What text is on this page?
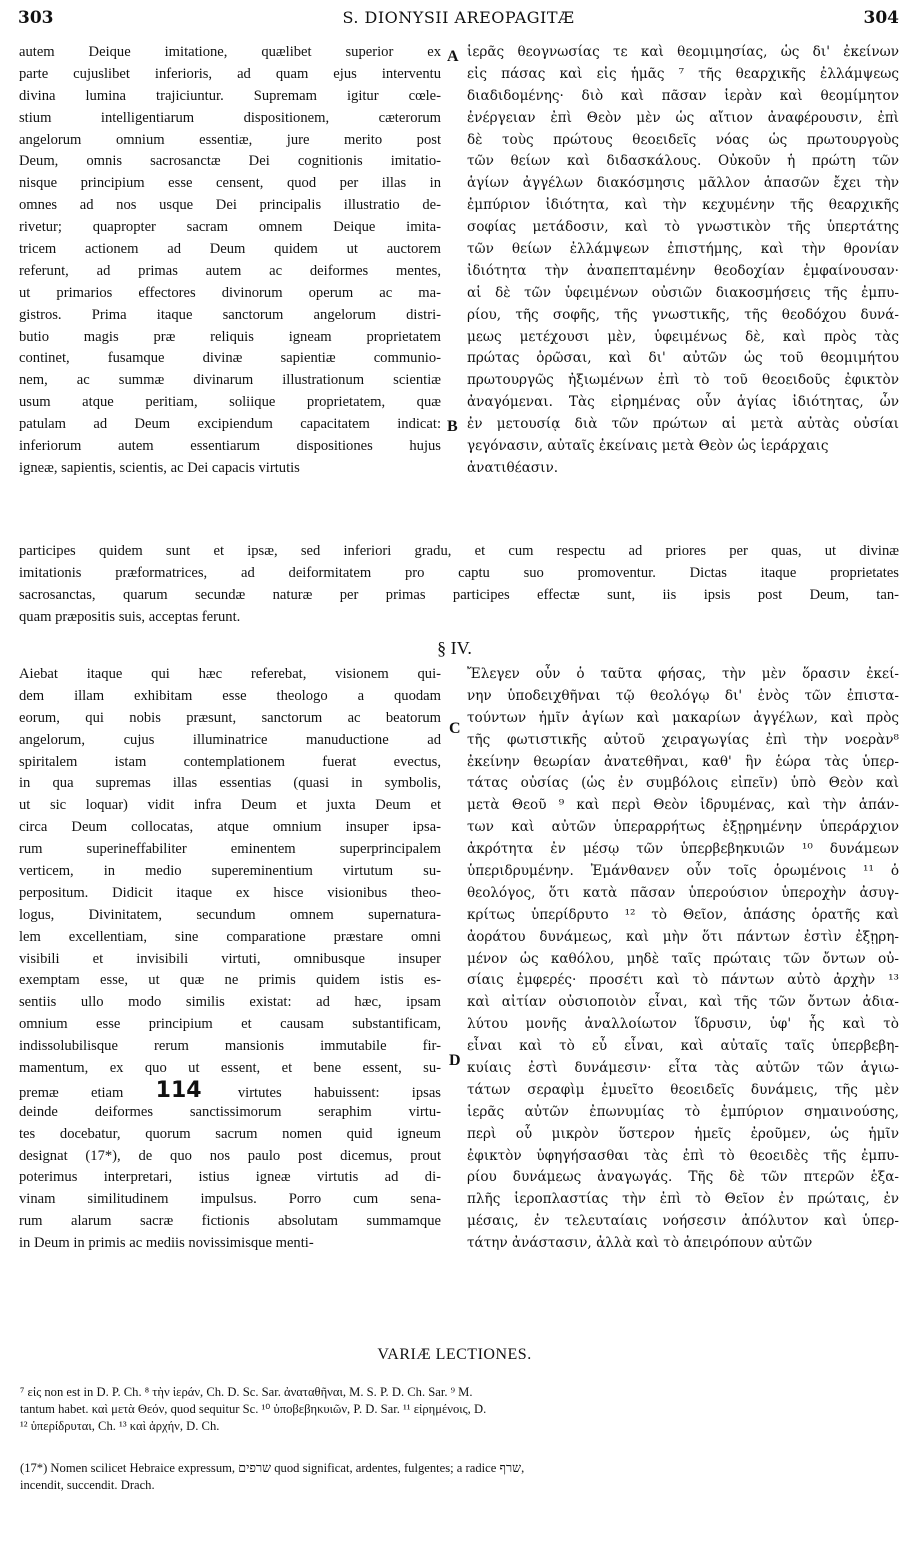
303	S. DIONYSII AREOPAGITÆ	304
autem Deique imitatione, quælibet superior ex
parte cujuslibet inferioris, ad quam ejus interventu
divina lumina trajiciuntur. Supremam igitur cœle-
stium intelligentiarum dispositionem, cæterorum
angelorum omnium essentiæ, jure merito post
Deum, omnis sacrosanctæ Dei cognitionis imitatio-
nisque principium esse censent, quod per illas in
omnes ad nos usque Dei principalis illustratio de-
rivetur; quapropter sacram omnem Deique imita-
tricem actionem ad Deum quidem ut auctorem
referunt, ad primas autem ac deiformes mentes,
ut primarios effectores divinorum operum ac ma-
gistros. Prima itaque sanctorum angelorum distri-
butio magis præ reliquis igneam proprietatem
continet, fusamque divinæ sapientiæ communio-
nem, ac summæ divinarum illustrationum scientiæ
usum atque peritiam, soliique proprietatem, quæ
patulam ad Deum excipiendum capacitatem indicat:
inferiorum autem essentiarum dispositiones hujus
igneæ, sapientis, scientis, ac Dei capacis virtutis
ἱερᾶς θεογνωσίας τε καὶ θεομιμησίας, ὡς δι' ἐκείνων
εἰς πάσας καὶ εἰς ἡμᾶς ⁷ τῆς θεαρχικῆς ἐλλάμψεως
διαδιδομένης· διὸ καὶ πᾶσαν ἱερὰν καὶ θεομίμητον
ἐνέργειαν ἐπὶ Θεὸν μὲν ὡς αἴτιον ἀναφέρουσιν, ἐπὶ
δὲ τοὺς πρώτους θεοειδεῖς νόας ὡς πρωτουργοὺς
τῶν θείων καὶ διδασκάλους. Οὐκοῦν ἡ πρώτη τῶν
ἁγίων ἀγγέλων διακόσμησις μᾶλλον ἁπασῶν ἔχει τὴν
ἐμπύριον ἰδιότητα, καὶ τὴν κεχυμένην τῆς θεαρχικῆς
σοφίας μετάδοσιν, καὶ τὸ γνωστικὸν τῆς ὑπερτάτης
τῶν θείων ἐλλάμψεων ἐπιστήμης, καὶ τὴν θρονίαν
ἰδιότητα τὴν ἀναπεπταμένην θεοδοχίαν ἐμφαίνουσαν·
αἱ δὲ τῶν ὑφειμένων οὐσιῶν διακοσμήσεις τῆς ἐμπυ-
ρίου, τῆς σοφῆς, τῆς γνωστικῆς, τῆς θεοδόχου δυνά-
μεως μετέχουσι μὲν, ὑφειμένως δὲ, καὶ πρὸς τὰς
πρώτας ὁρῶσαι, καὶ δι' αὐτῶν ὡς τοῦ θεομιμήτου
πρωτουργῶς ἠξιωμένων ἐπὶ τὸ τοῦ θεοειδοῦς ἐφικτὸν
ἀναγόμεναι. Τὰς εἰρημένας οὖν ἁγίας ἰδιότητας, ὧν
ἐν μετουσίᾳ διὰ τῶν πρώτων αἱ μετὰ αὐτὰς οὐσίαι
γεγόνασιν, αὐταῖς ἐκείναις μετὰ Θεὸν ὡς ἱεράρχαις
ἀνατιθέασιν.
A
B
participes quidem sunt et ipsæ, sed inferiori gradu, et cum respectu ad priores per quas, ut divinæ
imitationis præformatrices, ad deiformitatem pro captu suo promoventur. Dictas itaque proprietates
sacrosanctas, quarum secundæ naturæ per primas participes effectæ sunt, iis ipsis post Deum, tan-
quam præpositis suis, acceptas ferunt.
§ IV.
Aiebat itaque qui hæc referebat, visionem qui-
dem illam exhibitam esse theologo a quodam
eorum, qui nobis præsunt, sanctorum ac beatorum
angelorum, cujus illuminatrice manuductione ad
spiritalem istam contemplationem fuerat evectus,
in qua supremas illas essentias (quasi in symbolis,
ut sic loquar) vidit infra Deum et juxta Deum et
circa Deum collocatas, atque omnium insuper ipsa-
rum superineffabiliter eminentem superprincipalem
verticem, in medio supereminentium virtutum su-
perpositum. Didicit itaque ex hisce visionibus theo-
logus, Divinitatem, secundum omnem supernatura-
lem excellentiam, sine comparatione præstare omni
visibili et invisibili virtuti, omnibusque insuper
exemptam esse, ut quæ ne primis quidem istis es-
sentiis ullo modo similis existat: ad hæc, ipsam
omnium esse principium et causam substantificam,
indissolubilisque rerum mansionis immutabile fir-
mamentum, ex quo ut essent, et bene essent, su-
premæ etiam 114 virtutes habuissent: ipsas
deinde deiformes sanctissimorum seraphim virtu-
tes docebatur, quorum sacrum nomen quid igneum
designat (17*), de quo nos paulo post dicemus, prout
poterimus interpretari, istius igneæ virtutis ad di-
vinam similitudinem impulsus. Porro cum sena-
rum alarum sacræ fictionis absolutam summamque
in Deum in primis ac mediis novissimisque menti-
Ἔλεγεν οὖν ὁ ταῦτα φήσας, τὴν μὲν ὅρασιν ἐκεί-
νην ὑποδειχθῆναι τῷ θεολόγῳ δι' ἑνὸς τῶν ἐπιστα-
τούντων ἡμῖν ἁγίων καὶ μακαρίων ἀγγέλων, καὶ πρὸς
τῆς φωτιστικῆς αὐτοῦ χειραγωγίας ἐπὶ τὴν νοερὰν⁸
ἐκείνην θεωρίαν ἀνατεθῆναι, καθ' ἣν ἑώρα τὰς ὑπερ-
τάτας οὐσίας (ὡς ἐν συμβόλοις εἰπεῖν) ὑπὸ Θεὸν καὶ
μετὰ Θεοῦ ⁹ καὶ περὶ Θεὸν ἱδρυμένας, καὶ τὴν ἁπάν-
των καὶ αὐτῶν ὑπεραρρήτως ἐξῃρημένην ὑπεράρχιον
ἀκρότητα ἐν μέσῳ τῶν ὑπερβεβηκυιῶν ¹⁰ δυνάμεων
ὑπεριδρυμένην. Ἐμάνθανεν οὖν τοῖς ὁρωμένοις ¹¹ ὁ
θεολόγος, ὅτι κατὰ πᾶσαν ὑπερούσιον ὑπεροχὴν ἀσυγ-
κρίτως ὑπερίδρυτο ¹² τὸ Θεῖον, ἁπάσης ὁρατῆς καὶ
ἀοράτου δυνάμεως, καὶ μὴν ὅτι πάντων ἐστὶν ἐξῃρη-
μένον ὡς καθόλου, μηδὲ ταῖς πρώταις τῶν ὄντων οὐ-
σίαις ἐμφερές· προσέτι καὶ τὸ πάντων αὐτὸ ἀρχὴν ¹³
καὶ αἰτίαν οὐσιοποιὸν εἶναι, καὶ τῆς τῶν ὄντων ἀδια-
λύτου μονῆς ἀναλλοίωτον ἵδρυσιν, ὑφ' ἧς καὶ τὸ
εἶναι καὶ τὸ εὖ εἶναι, καὶ αὐταῖς ταῖς ὑπερβεβη-
κυίαις ἐστὶ δυνάμεσιν· εἶτα τὰς αὐτῶν τῶν ἁγιω-
τάτων σεραφὶμ ἐμυεῖτο θεοειδεῖς δυνάμεις, τῆς μὲν
ἱερᾶς αὐτῶν ἐπωνυμίας τὸ ἐμπύριον σημαινούσης,
περὶ οὗ μικρὸν ὕστερον ἡμεῖς ἐροῦμεν, ὡς ἡμῖν
ἐφικτὸν ὑφηγήσασθαι τὰς ἐπὶ τὸ θεοειδὲς τῆς ἐμπυ-
ρίου δυνάμεως ἀναγωγάς. Τῆς δὲ τῶν πτερῶν ἑξα-
πλῆς ἱεροπλαστίας τὴν ἐπὶ τὸ Θεῖον ἐν πρώταις, ἐν
μέσαις, ἐν τελευταίαις νοήσεσιν ἀπόλυτον καὶ ὑπερ-
τάτην ἀνάστασιν, ἀλλὰ καὶ τὸ ἀπειρόπουν αὐτῶν
C
D
VARIÆ LECTIONES.
⁷ εἰς non est in D. P. Ch. ⁸ τὴν ἱεράν, Ch. D. Sc. Sar. ἀναταθῆναι, M. S. P. D. Ch. Sar. ⁹ M.
tantum habet. καὶ μετὰ Θεόν, quod sequitur Sc. ¹⁰ ὑποβεβηκυιῶν, P. D. Sar. ¹¹ εἰρημένοις, D.
¹² ὑπερίδρυται, Ch. ¹³ καὶ ἀρχήν, D. Ch.
(17*) Nomen scilicet Hebraice expressum, שרפים quod significat, ardentes, fulgentes; a radice שרף,
incendit, succendit. Drach.
